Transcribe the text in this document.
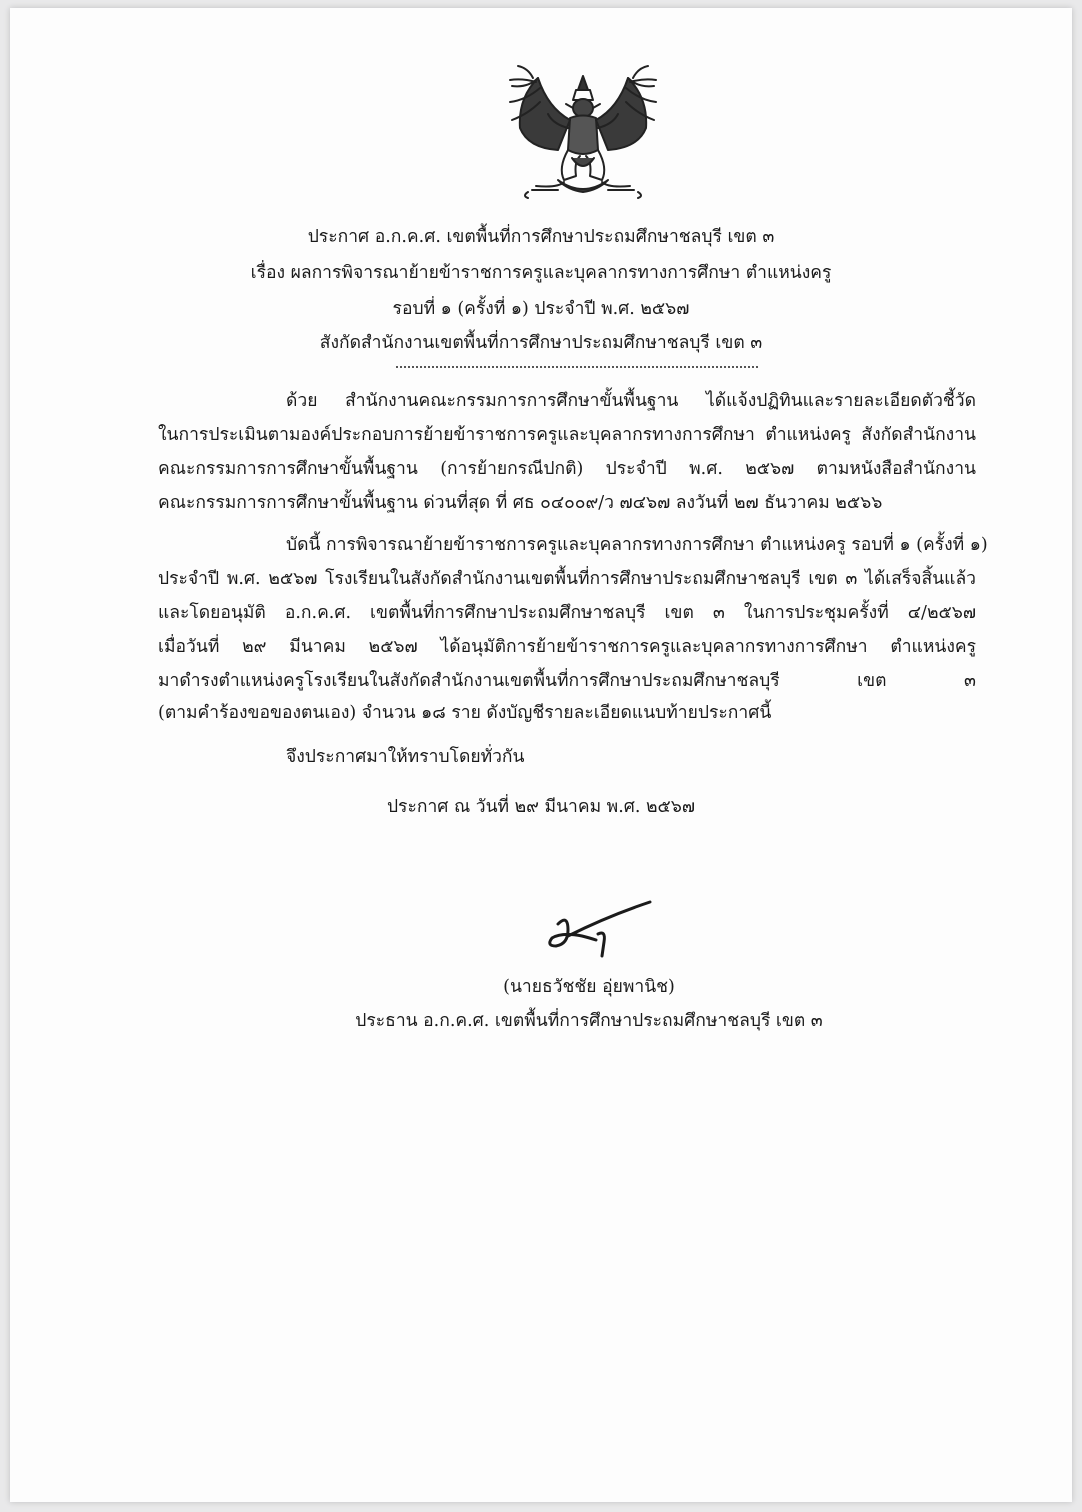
ประกาศ อ.ก.ค.ศ. เขตพื้นที่การศึกษาประถมศึกษาชลบุรี เขต ๓
เรื่อง ผลการพิจารณาย้ายข้าราชการครูและบุคลากรทางการศึกษา ตำแหน่งครู
รอบที่ ๑ (ครั้งที่ ๑) ประจำปี พ.ศ. ๒๕๖๗
สังกัดสำนักงานเขตพื้นที่การศึกษาประถมศึกษาชลบุรี เขต ๓
ด้วย สำนักงานคณะกรรมการการศึกษาขั้นพื้นฐาน ได้แจ้งปฏิทินและรายละเอียดตัวชี้วัด
ในการประเมินตามองค์ประกอบการย้ายข้าราชการครูและบุคลากรทางการศึกษา ตำแหน่งครู สังกัดสำนักงาน
คณะกรรมการการศึกษาขั้นพื้นฐาน (การย้ายกรณีปกติ) ประจำปี พ.ศ. ๒๕๖๗ ตามหนังสือสำนักงาน
คณะกรรมการการศึกษาขั้นพื้นฐาน ด่วนที่สุด ที่ ศธ ๐๔๐๐๙/ว ๗๔๖๗ ลงวันที่ ๒๗ ธันวาคม ๒๕๖๖
บัดนี้ การพิจารณาย้ายข้าราชการครูและบุคลากรทางการศึกษา ตำแหน่งครู รอบที่ ๑ (ครั้งที่ ๑)
ประจำปี พ.ศ. ๒๕๖๗ โรงเรียนในสังกัดสำนักงานเขตพื้นที่การศึกษาประถมศึกษาชลบุรี เขต ๓ ได้เสร็จสิ้นแล้ว
และโดยอนุมัติ อ.ก.ค.ศ. เขตพื้นที่การศึกษาประถมศึกษาชลบุรี เขต ๓ ในการประชุมครั้งที่ ๔/๒๕๖๗
เมื่อวันที่ ๒๙ มีนาคม ๒๕๖๗ ได้อนุมัติการย้ายข้าราชการครูและบุคลากรทางการศึกษา ตำแหน่งครู
มาดำรงตำแหน่งครูโรงเรียนในสังกัดสำนักงานเขตพื้นที่การศึกษาประถมศึกษาชลบุรี เขต ๓
(ตามคำร้องขอของตนเอง) จำนวน ๑๘ ราย ดังบัญชีรายละเอียดแนบท้ายประกาศนี้
จึงประกาศมาให้ทราบโดยทั่วกัน
ประกาศ ณ วันที่ ๒๙ มีนาคม พ.ศ. ๒๕๖๗
(นายธวัชชัย อุ่ยพานิช)
ประธาน อ.ก.ค.ศ. เขตพื้นที่การศึกษาประถมศึกษาชลบุรี เขต ๓
